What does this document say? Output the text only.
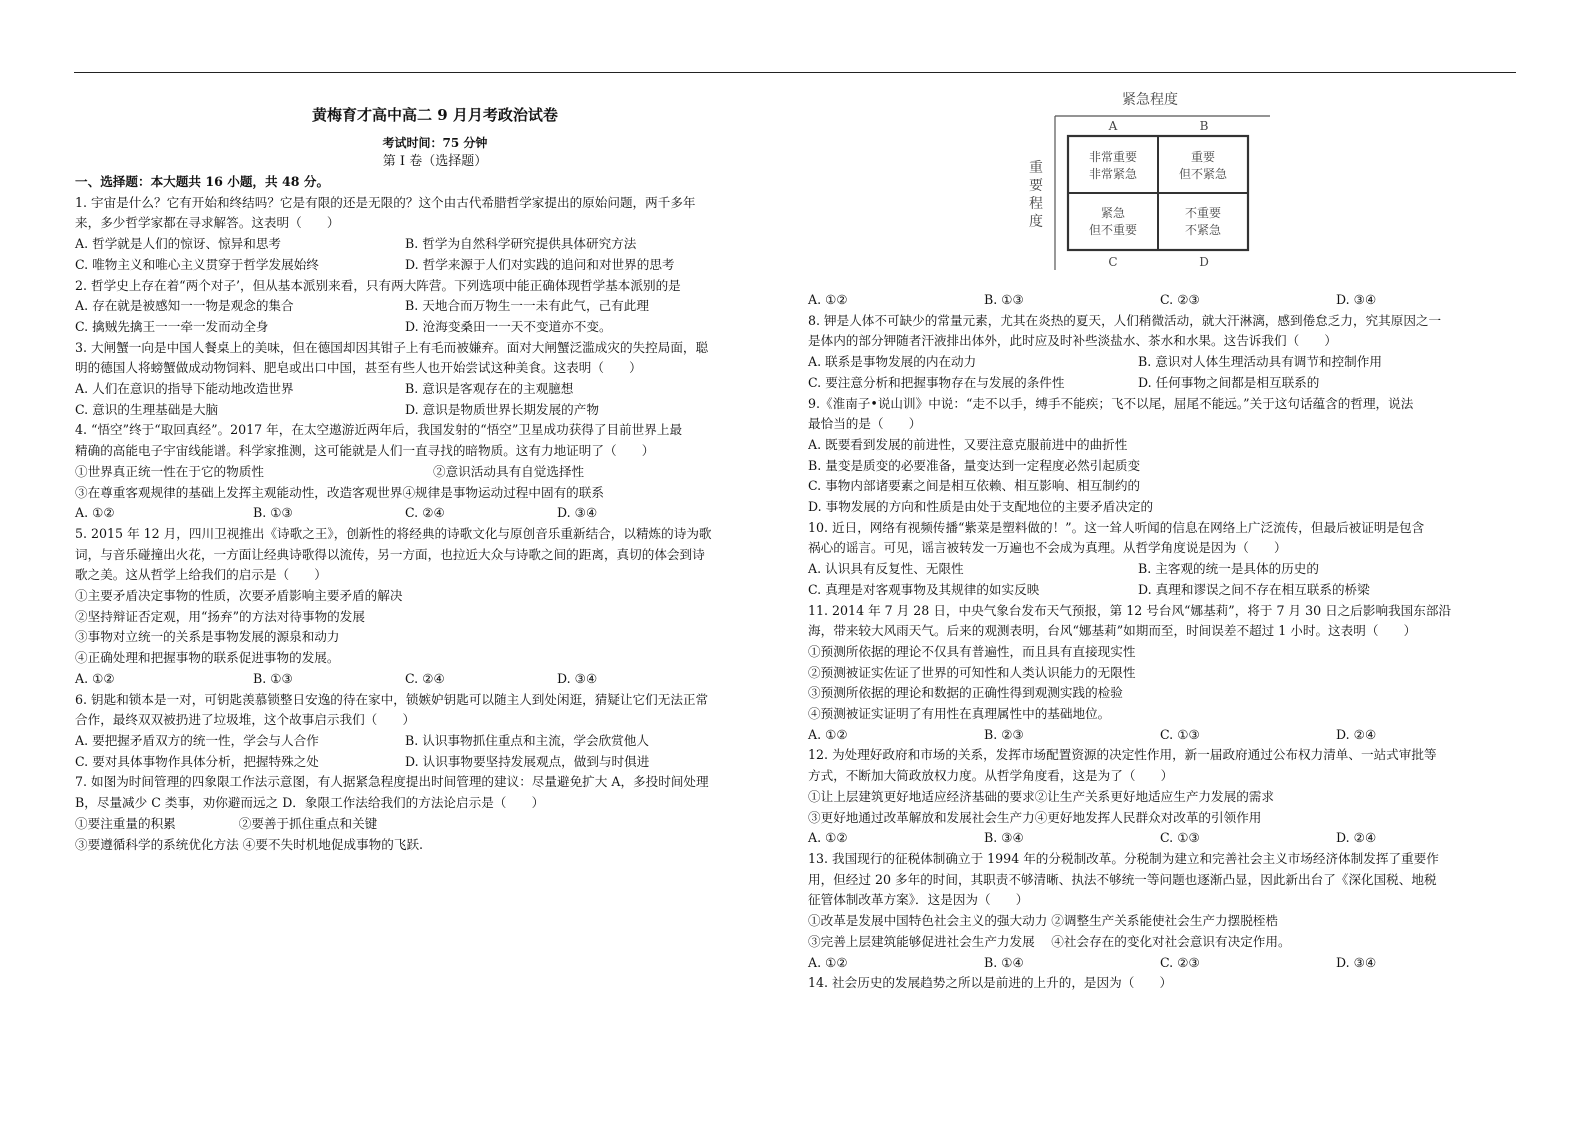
黄梅育才高中高二 9 月月考政治试卷
考试时间：75 分钟
第 I 卷（选择题）
一、选择题：本大题共 16 小题，共 48 分。
1. 宇宙是什么？它有开始和终结吗？它是有限的还是无限的？这个由古代希腊哲学家提出的原始问题，两千多年
来，多少哲学家都在寻求解答。这表明（　　）
A. 哲学就是人们的惊讶、惊异和思考	B. 哲学为自然科学研究提供具体研究方法
C. 唯物主义和唯心主义贯穿于哲学发展始终	D. 哲学来源于人们对实践的追问和对世界的思考
2. 哲学史上存在着“两个对子’，但从基本派别来看，只有两大阵营。下列选项中能正确体现哲学基本派别的是
A. 存在就是被感知一一物是观念的集合	B. 天地合而万物生一一未有此气，己有此理
C. 擒贼先擒王一一牵一发而动全身	D. 沧海变桑田一一天不变道亦不变。
3. 大闸蟹一向是中国人餐桌上的美味，但在德国却因其钳子上有毛而被嫌弃。面对大闸蟹泛滥成灾的失控局面，聪
明的德国人将螃蟹做成动物饲料、肥皂或出口中国，甚至有些人也开始尝试这种美食。这表明（　　）
A. 人们在意识的指导下能动地改造世界	B. 意识是客观存在的主观臆想
C. 意识的生理基础是大脑	D. 意识是物质世界长期发展的产物
4. “悟空”终于“取回真经”。2017 年，在太空遨游近两年后，我国发射的“悟空”卫星成功获得了目前世界上最
精确的高能电子宇宙线能谱。科学家推测，这可能就是人们一直寻找的暗物质。这有力地证明了（　　）
①世界真正统一性在于它的物质性	②意识活动具有自觉选择性
③在尊重客观规律的基础上发挥主观能动性，改造客观世界④规律是事物运动过程中固有的联系
A. ①②	B. ①③	C. ②④	D. ③④
5. 2015 年 12 月，四川卫视推出《诗歌之王》，创新性的将经典的诗歌文化与原创音乐重新结合，以精炼的诗为歌
词，与音乐碰撞出火花，一方面让经典诗歌得以流传，另一方面，也拉近大众与诗歌之间的距离，真切的体会到诗
歌之美。这从哲学上给我们的启示是（　　）
①主要矛盾决定事物的性质，次要矛盾影响主要矛盾的解决
②坚持辩证否定观，用“扬弃”的方法对待事物的发展
③事物对立统一的关系是事物发展的源泉和动力
④正确处理和把握事物的联系促进事物的发展。
A. ①②	B. ①③	C. ②④	D. ③④
6. 钥匙和锁本是一对，可钥匙羡慕锁整日安逸的待在家中，锁嫉妒钥匙可以随主人到处闲逛，猜疑让它们无法正常
合作，最终双双被扔进了垃圾堆，这个故事启示我们（　　）
A. 要把握矛盾双方的统一性，学会与人合作	B. 认识事物抓住重点和主流，学会欣赏他人
C. 要对具体事物作具体分析，把握特殊之处	D. 认识事物要坚持发展观点，做到与时俱进
7. 如图为时间管理的四象限工作法示意图，有人据紧急程度提出时间管理的建议：尽量避免扩大 A，多投时间处理
B，尽量减少 C 类事，劝你避而远之 D．象限工作法给我们的方法论启示是（　　）
①要注重量的积累　　　　　②要善于抓住重点和关键
③要遵循科学的系统优化方法 ④要不失时机地促成事物的飞跃.
紧急程度
A	B
重
要
程
度
非常重要
非常紧急
重要
但不紧急
紧急
但不重要
不重要
不紧急
C	D
A. ①②	B. ①③	C. ②③	D. ③④
8. 钾是人体不可缺少的常量元素，尤其在炎热的夏天，人们稍微活动，就大汗淋漓，感到倦怠乏力，究其原因之一
是体内的部分钾随者汗液排出体外，此时应及时补些淡盐水、茶水和水果。这告诉我们（　　）
A. 联系是事物发展的内在动力	B. 意识对人体生理活动具有调节和控制作用
C. 要注意分析和把握事物存在与发展的条件性	D. 任何事物之间都是相互联系的
9.《淮南子•说山训》中说：“走不以手，缚手不能疾；飞不以尾，屈尾不能远。”关于这句话蕴含的哲理，说法
最恰当的是（　　）
A. 既要看到发展的前进性，又要注意克服前进中的曲折性
B. 量变是质变的必要准备，量变达到一定程度必然引起质变
C. 事物内部诸要素之间是相互依赖、相互影响、相互制约的
D. 事物发展的方向和性质是由处于支配地位的主要矛盾决定的
10. 近日，网络有视频传播“紫菜是塑料做的！”。这一耸人听闻的信息在网络上广泛流传，但最后被证明是包含
祸心的谣言。可见，谣言被转发一万遍也不会成为真理。从哲学角度说是因为（　　）
A. 认识具有反复性、无限性	B. 主客观的统一是具体的历史的
C. 真理是对客观事物及其规律的如实反映	D. 真理和谬误之间不存在相互联系的桥梁
11. 2014 年 7 月 28 日，中央气象台发布天气预报，第 12 号台风“娜基莉”，将于 7 月 30 日之后影响我国东部沿
海，带来较大风雨天气。后来的观测表明，台风“娜基莉”如期而至，时间误差不超过 1 小时。这表明（　　）
①预测所依据的理论不仅具有普遍性，而且具有直接现实性
②预测被证实佐证了世界的可知性和人类认识能力的无限性
③预测所依据的理论和数据的正确性得到观测实践的检验
④预测被证实证明了有用性在真理属性中的基础地位。
A. ①②	B. ②③	C. ①③	D. ②④
12. 为处理好政府和市场的关系，发挥市场配置资源的决定性作用，新一届政府通过公布权力清单、一站式审批等
方式，不断加大简政放权力度。从哲学角度看，这是为了（　　）
①让上层建筑更好地适应经济基础的要求②让生产关系更好地适应生产力发展的需求
③更好地通过改革解放和发展社会生产力④更好地发挥人民群众对改革的引领作用
A. ①②	B. ③④	C. ①③	D. ②④
13. 我国现行的征税体制确立于 1994 年的分税制改革。分税制为建立和完善社会主义市场经济体制发挥了重要作
用，但经过 20 多年的时间，其职责不够清晰、执法不够统一等问题也逐渐凸显，因此新出台了《深化国税、地税
征管体制改革方案》．这是因为（　　）
①改革是发展中国特色社会主义的强大动力 ②调整生产关系能使社会生产力摆脱桎梏
③完善上层建筑能够促进社会生产力发展　 ④社会存在的变化对社会意识有决定作用。
A. ①②	B. ①④	C. ②③	D. ③④
14. 社会历史的发展趋势之所以是前进的上升的，是因为（　　）
